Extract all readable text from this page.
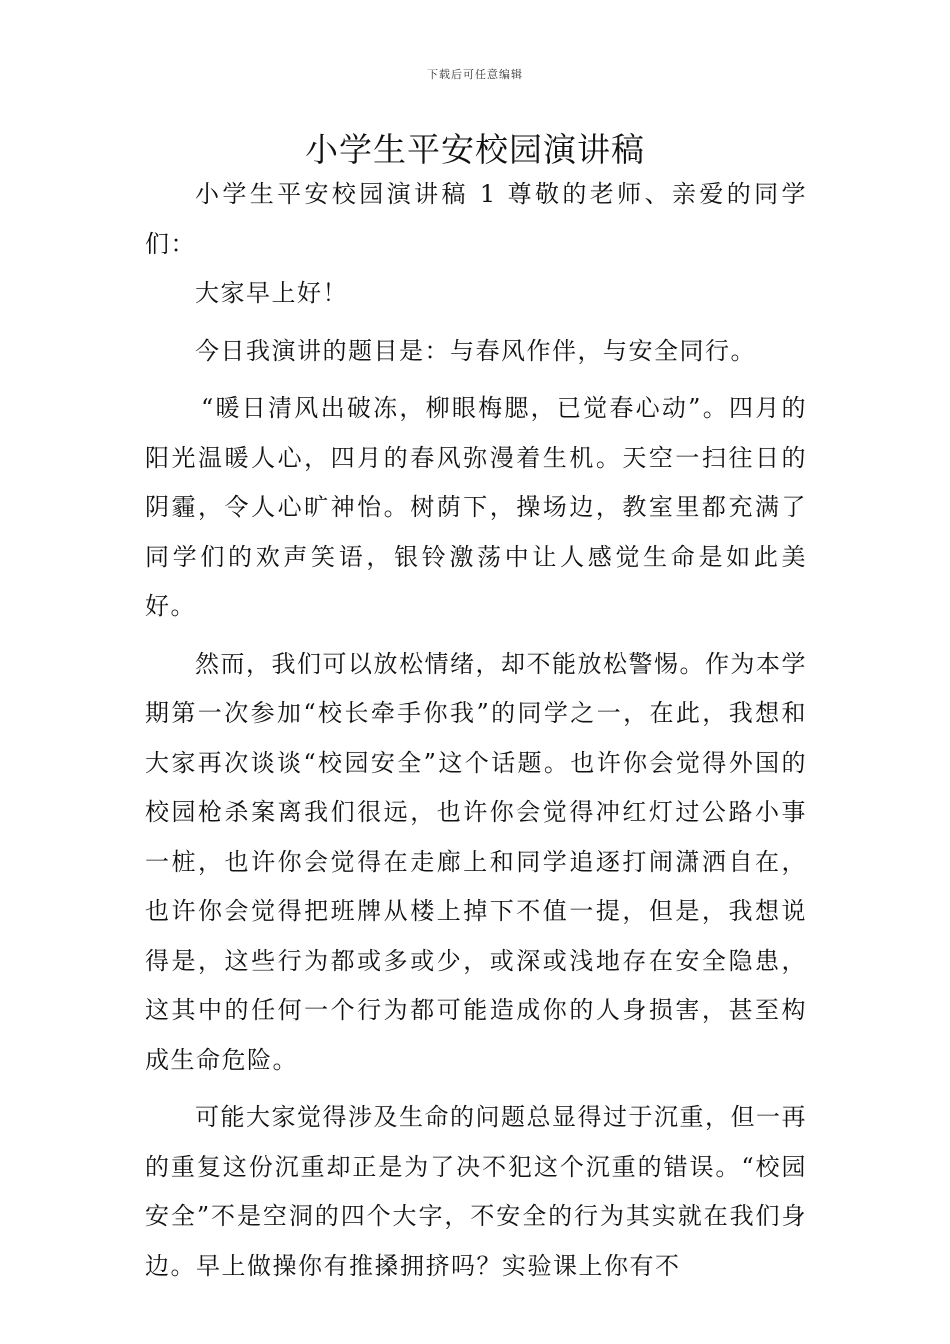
下载后可任意编辑
小学生平安校园演讲稿

小学生平安校园演讲稿 1 尊敬的老师、亲爱的同学们：

大家早上好！

今日我演讲的题目是：与春风作伴，与安全同行。

“暖日清风出破冻，柳眼梅腮，已觉春心动”。四月的阳光温暖人心，四月的春风弥漫着生机。天空一扫往日的阴霾，令人心旷神怡。树荫下，操场边，教室里都充满了同学们的欢声笑语，银铃激荡中让人感觉生命是如此美好。

然而，我们可以放松情绪，却不能放松警惕。作为本学期第一次参加“校长牵手你我”的同学之一，在此，我想和大家再次谈谈“校园安全”这个话题。也许你会觉得外国的校园枪杀案离我们很远，也许你会觉得冲红灯过公路小事一桩，也许你会觉得在走廊上和同学追逐打闹潇洒自在，也许你会觉得把班牌从楼上掉下不值一提，但是，我想说得是，这些行为都或多或少，或深或浅地存在安全隐患，这其中的任何一个行为都可能造成你的人身损害，甚至构成生命危险。

可能大家觉得涉及生命的问题总显得过于沉重，但一再的重复这份沉重却正是为了决不犯这个沉重的错误。“校园安全”不是空洞的四个大字，不安全的行为其实就在我们身边。早上做操你有推搡拥挤吗？实验课上你有不
